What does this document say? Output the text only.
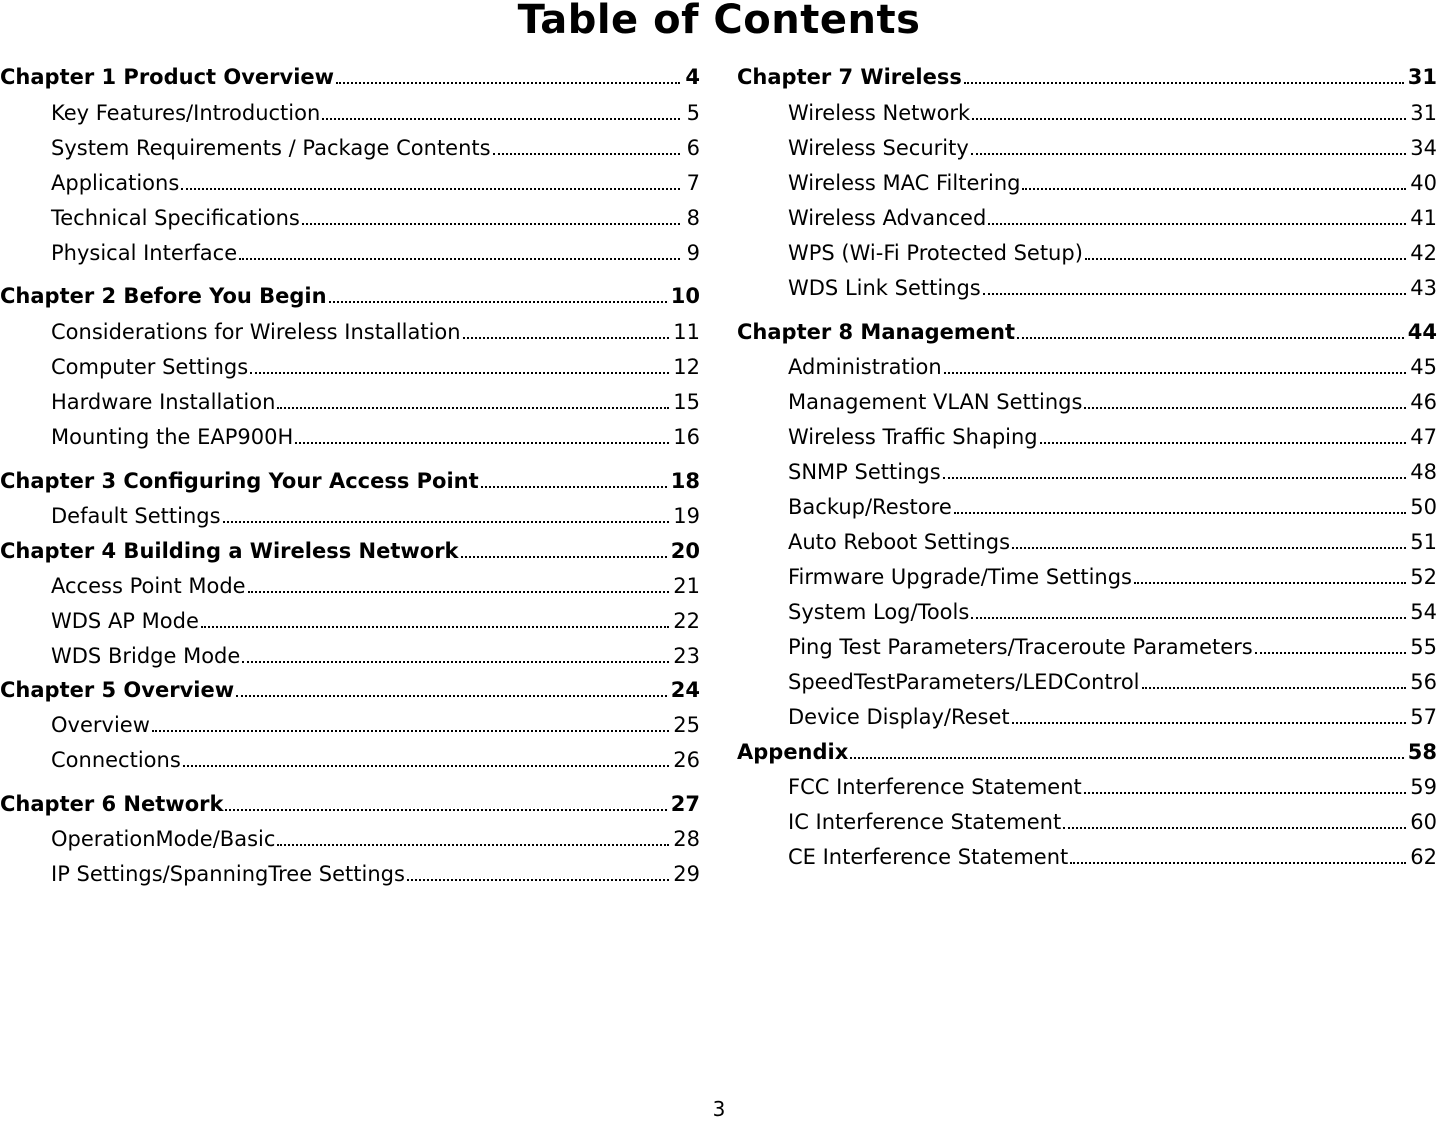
Table of Contents
Chapter 1 Product Overview	4
Key Features/Introduction	5
System Requirements / Package Contents	6
Applications	7
Technical Specifications	8
Physical Interface	9
Chapter 2 Before You Begin	10
Considerations for Wireless Installation	11
Computer Settings	12
Hardware Installation	15
Mounting the EAP900H	16
Chapter 3 Configuring Your Access Point	18
Default Settings	19
Chapter 4 Building a Wireless Network	20
Access Point Mode	21
WDS AP Mode	22
WDS Bridge Mode	23
Chapter 5 Overview	24
Overview	25
Connections	26
Chapter 6 Network	27
OperationMode/Basic	28
IP Settings/SpanningTree Settings	29
Chapter 7 Wireless	31
Wireless Network	31
Wireless Security	34
Wireless MAC Filtering	40
Wireless Advanced	41
WPS (Wi-Fi Protected Setup)	42
WDS Link Settings	43
Chapter 8 Management	44
Administration	45
Management VLAN Settings	46
Wireless Traffic Shaping	47
SNMP Settings	48
Backup/Restore	50
Auto Reboot Settings	51
Firmware Upgrade/Time Settings	52
System Log/Tools	54
Ping Test Parameters/Traceroute Parameters	55
SpeedTestParameters/LEDControl	56
Device Display/Reset	57
Appendix	58
FCC Interference Statement	59
IC Interference Statement	60
CE Interference Statement	62
3
